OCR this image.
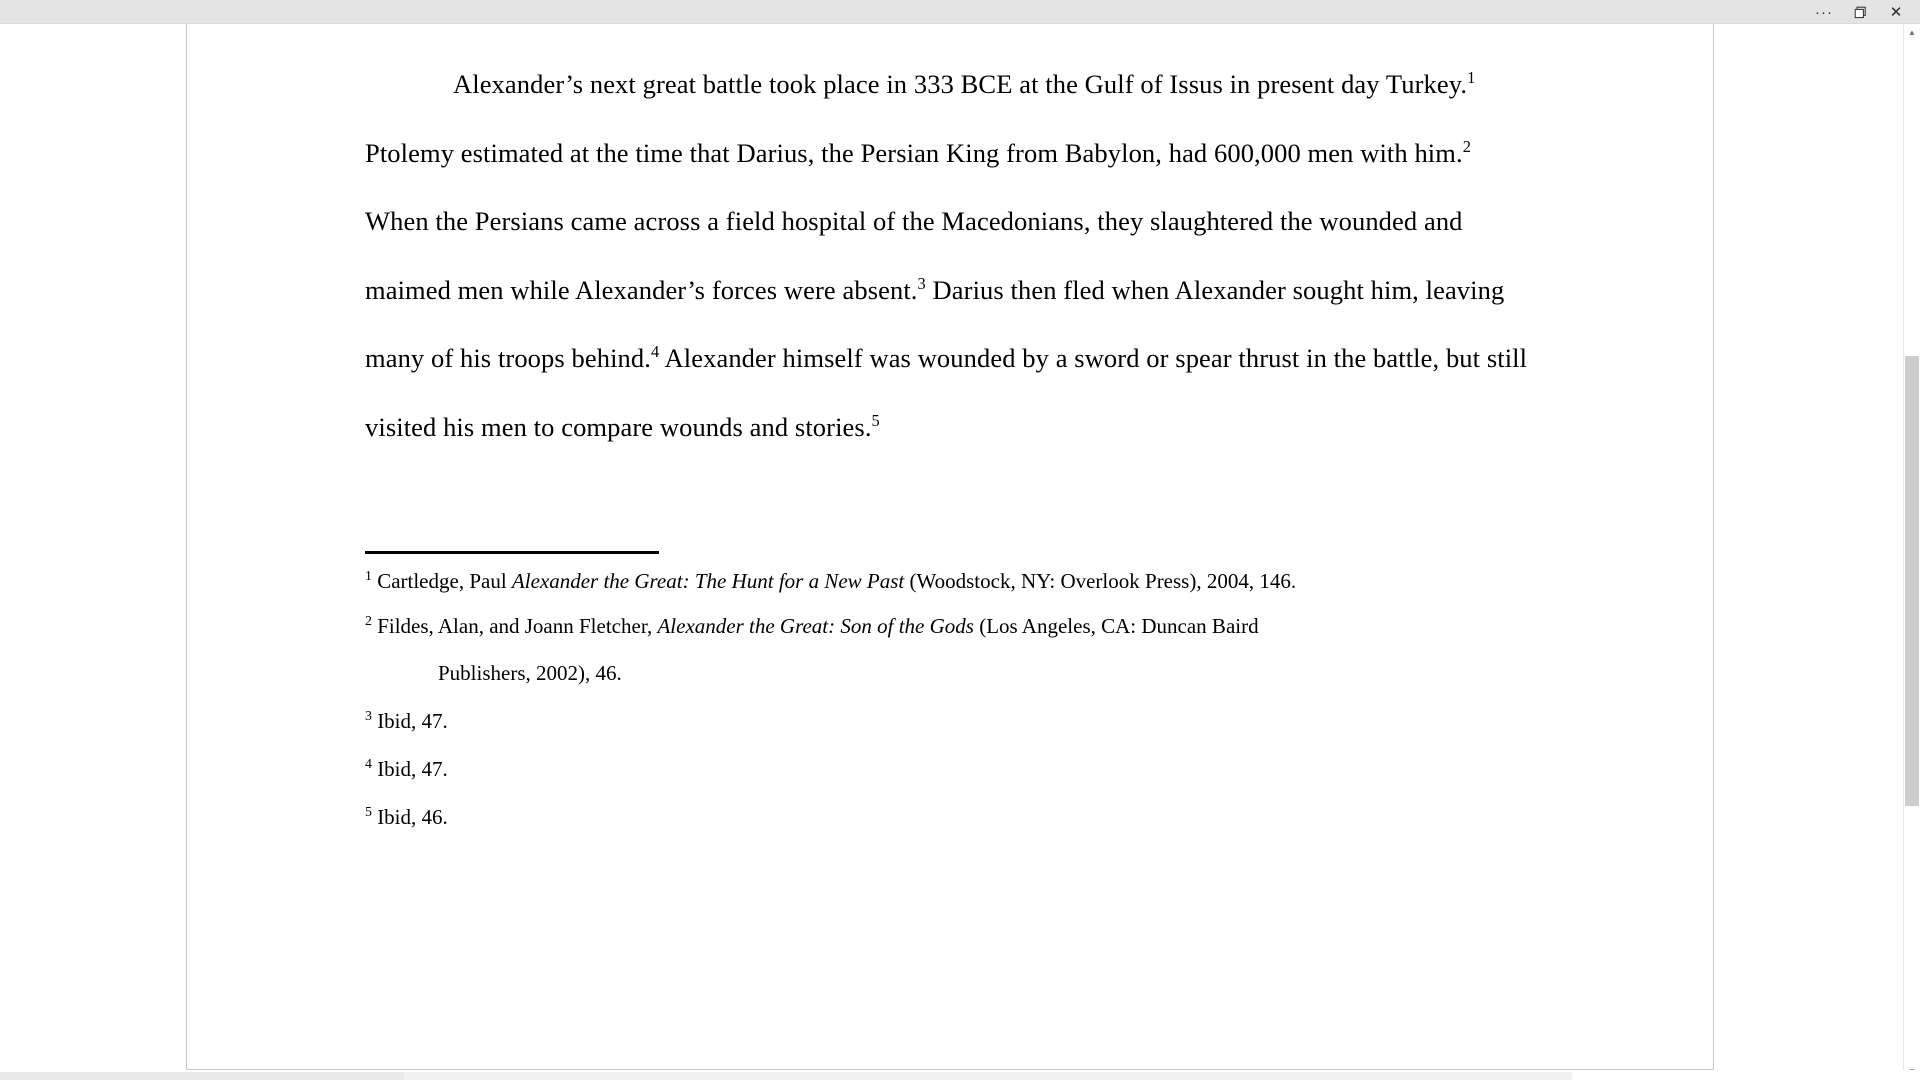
···	✕
Alexander’s next great battle took place in 333 BCE at the Gulf of Issus in present day Turkey.$^1$ Ptolemy estimated at the time that Darius, the Persian King from Babylon, had 600,000 men with him.$^2$ When the Persians came across a field hospital of the Macedonians, they slaughtered the wounded and maimed men while Alexander’s forces were absent.$^3$ Darius then fled when Alexander sought him, leaving many of his troops behind.$^4$ Alexander himself was wounded by a sword or spear thrust in the battle, but still visited his men to compare wounds and stories.$^5$

$^1$ Cartledge, Paul Alexander the Great: The Hunt for a New Past (Woodstock, NY: Overlook Press), 2004, 146.

$^2$ Fildes, Alan, and Joann Fletcher, Alexander the Great: Son of the Gods (Los Angeles, CA: Duncan Baird
Publishers, 2002), 46.

$^3$ Ibid, 47.

$^4$ Ibid, 47.

$^5$ Ibid, 46.

▲
